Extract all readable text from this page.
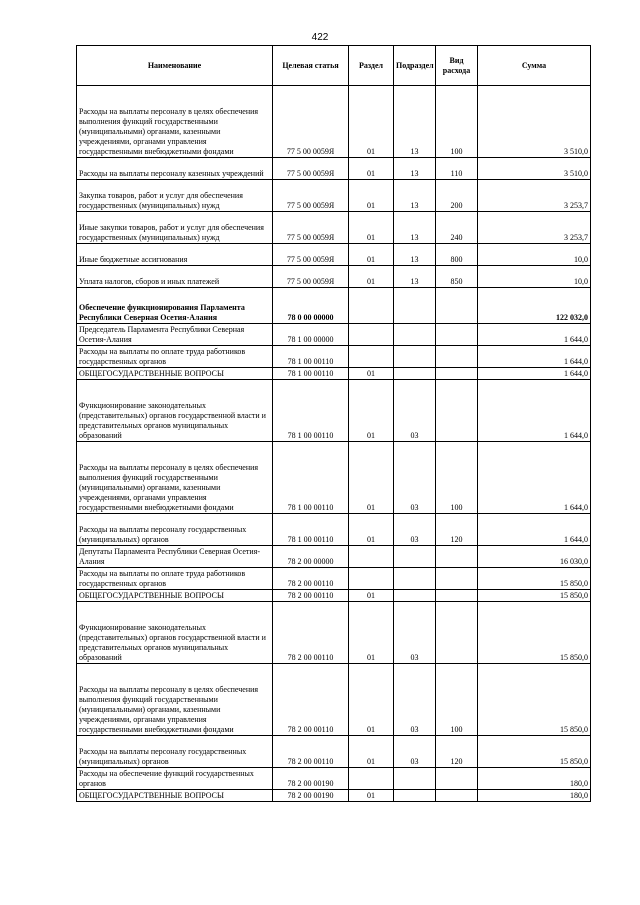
422
Наименование	Целевая статья	Раздел	Подраздел	Вид расхода	Сумма
Расходы на выплаты персоналу в целях обеспечения выполнения функций государственными (муниципальными) органами, казенными учреждениями, органами управления государственными внебюджетными фондами	77 5 00 0059Я	01	13	100	3 510,0
Расходы на выплаты персоналу казенных учреждений	77 5 00 0059Я	01	13	110	3 510,0
Закупка товаров, работ и услуг для обеспечения государственных (муниципальных) нужд	77 5 00 0059Я	01	13	200	3 253,7
Иные закупки товаров, работ и услуг для обеспечения государственных (муниципальных) нужд	77 5 00 0059Я	01	13	240	3 253,7
Иные бюджетные ассигнования	77 5 00 0059Я	01	13	800	10,0
Уплата налогов, сборов и иных платежей	77 5 00 0059Я	01	13	850	10,0
Обеспечение функционирования Парламента Республики Северная Осетия-Алания	78 0 00 00000				122 032,0
Председатель Парламента Республики Северная Осетия-Алания	78 1 00 00000				1 644,0
Расходы на выплаты по оплате труда работников государственных органов	78 1 00 00110				1 644,0
ОБЩЕГОСУДАРСТВЕННЫЕ ВОПРОСЫ	78 1 00 00110	01			1 644,0
Функционирование законодательных (представительных) органов государственной власти и представительных органов муниципальных образований	78 1 00 00110	01	03		1 644,0
Расходы на выплаты персоналу в целях обеспечения выполнения функций государственными (муниципальными) органами, казенными учреждениями, органами управления государственными внебюджетными фондами	78 1 00 00110	01	03	100	1 644,0
Расходы на выплаты персоналу государственных (муниципальных) органов	78 1 00 00110	01	03	120	1 644,0
Депутаты Парламента Республики Северная Осетия-Алания	78 2 00 00000				16 030,0
Расходы на выплаты по оплате труда работников государственных органов	78 2 00 00110				15 850,0
ОБЩЕГОСУДАРСТВЕННЫЕ ВОПРОСЫ	78 2 00 00110	01			15 850,0
Функционирование законодательных (представительных) органов государственной власти и представительных органов муниципальных образований	78 2 00 00110	01	03		15 850,0
Расходы на выплаты персоналу в целях обеспечения выполнения функций государственными (муниципальными) органами, казенными учреждениями, органами управления государственными внебюджетными фондами	78 2 00 00110	01	03	100	15 850,0
Расходы на выплаты персоналу государственных (муниципальных) органов	78 2 00 00110	01	03	120	15 850,0
Расходы на обеспечение функций государственных органов	78 2 00 00190				180,0
ОБЩЕГОСУДАРСТВЕННЫЕ ВОПРОСЫ	78 2 00 00190	01			180,0
